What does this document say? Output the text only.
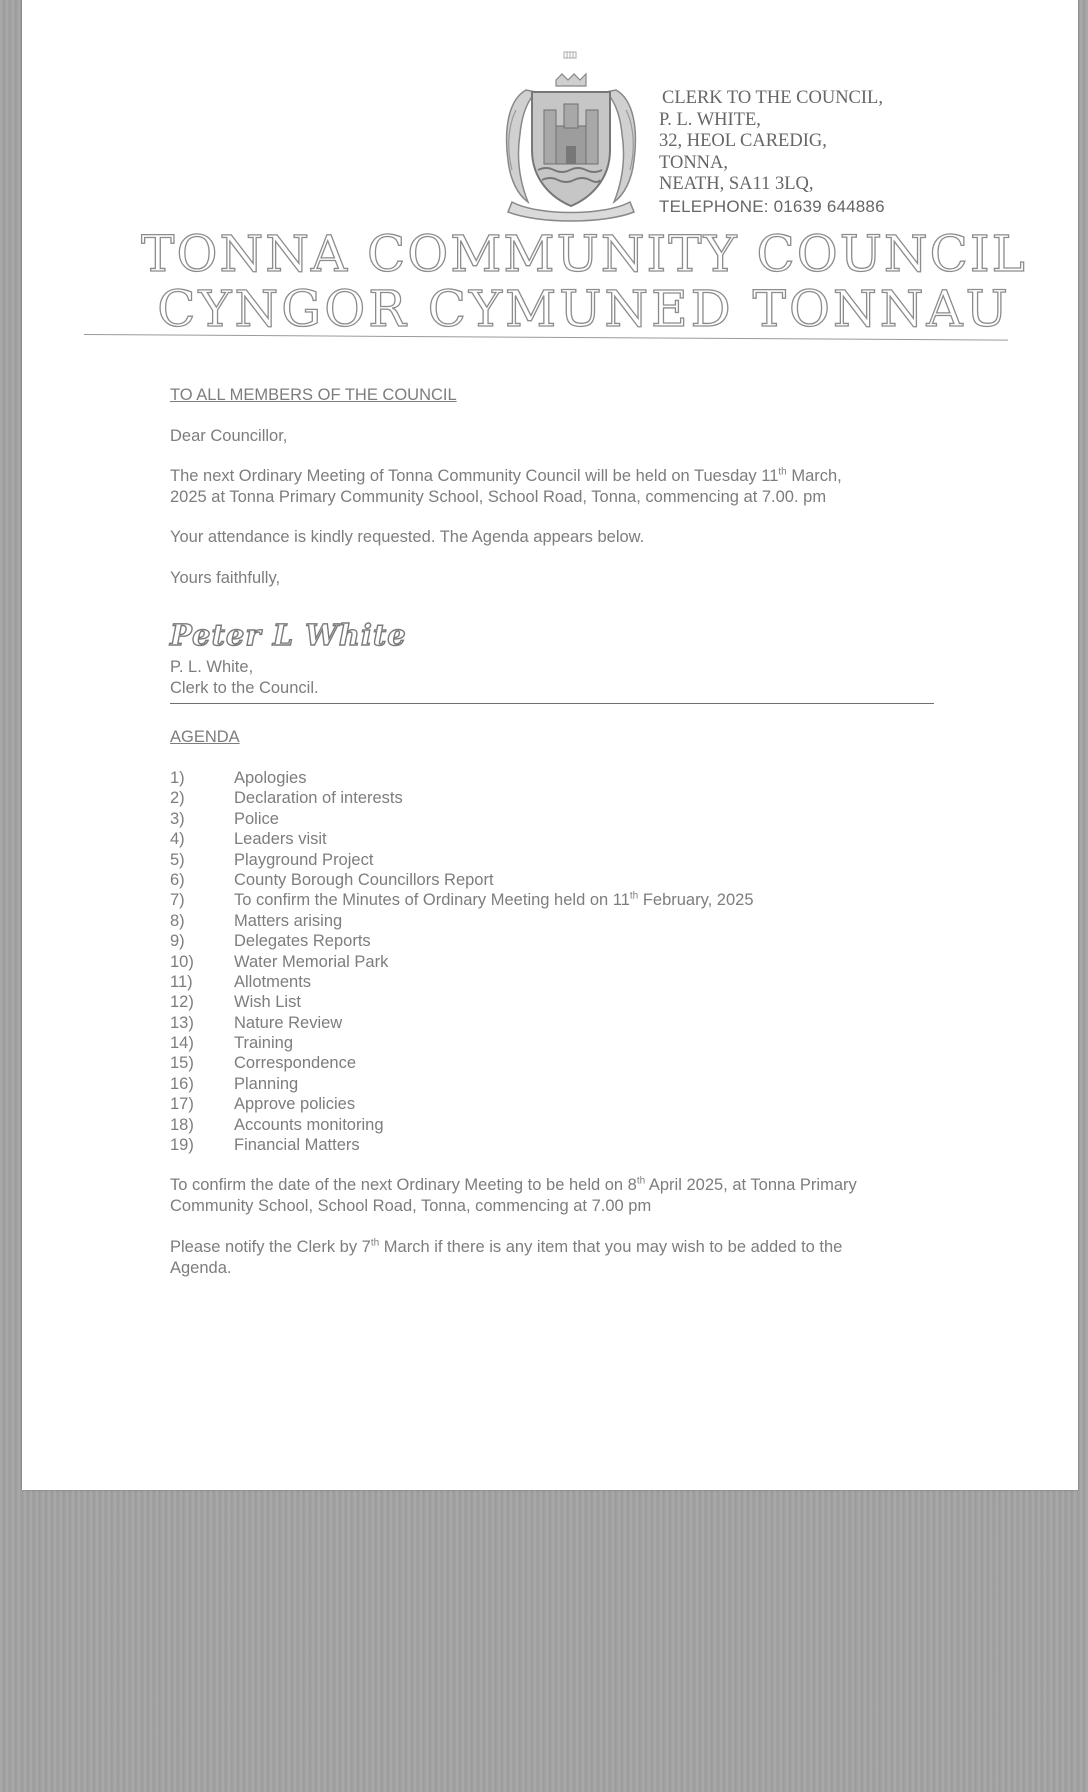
CLERK TO THE COUNCIL,
P. L. WHITE,
32, HEOL CAREDIG,
TONNA,
NEATH, SA11 3LQ,
TELEPHONE: 01639 644886
TONNA COMMUNITY COUNCIL
CYNGOR CYMUNED TONNAU
TO ALL MEMBERS OF THE COUNCIL
Dear Councillor,
The next Ordinary Meeting of Tonna Community Council will be held on Tuesday 11th March,
2025 at Tonna Primary Community School, School Road, Tonna, commencing at 7.00. pm
Your attendance is kindly requested. The Agenda appears below.
Yours faithfully,
Peter L White
P. L. White,
Clerk to the Council.
AGENDA
1)	Apologies
2)	Declaration of interests
3)	Police
4)	Leaders visit
5)	Playground Project
6)	County Borough Councillors Report
7)	To confirm the Minutes of Ordinary Meeting held on 11th February, 2025
8)	Matters arising
9)	Delegates Reports
10) Water Memorial Park
11)	Allotments
12) Wish List
13) Nature Review
14) Training
15) Correspondence
16) Planning
17) Approve policies
18) Accounts monitoring
19) Financial Matters
To confirm the date of the next Ordinary Meeting to be held on 8th April 2025, at Tonna Primary
Community School, School Road, Tonna, commencing at 7.00 pm
Please notify the Clerk by 7th March if there is any item that you may wish to be added to the
Agenda.
